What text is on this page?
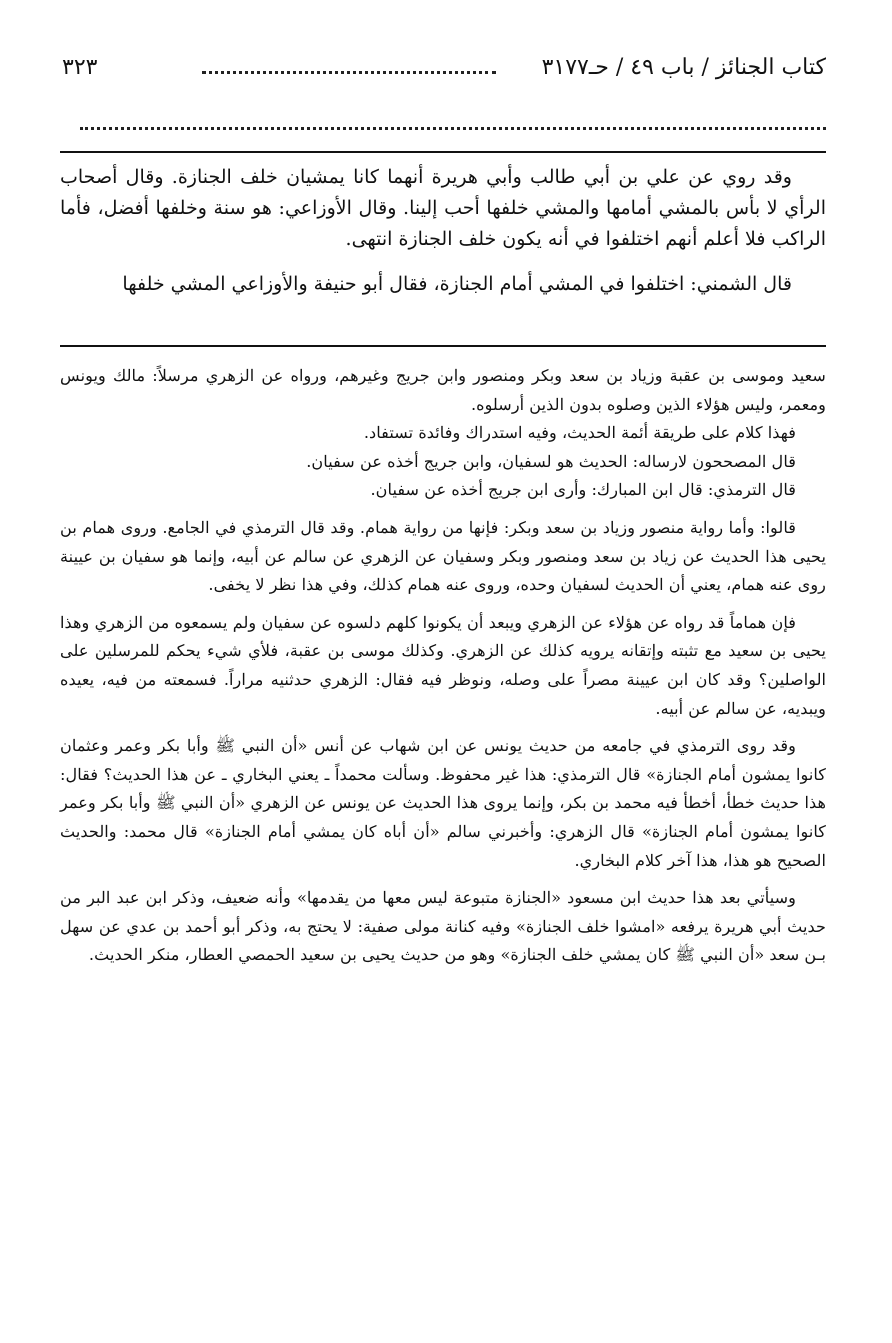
كتاب الجنائز / باب ٤٩ / حـ٣١٧٧
٣٢٣

وقد روي عن علي بن أبي طالب وأبي هريرة أنهما كانا يمشيان خلف الجنازة. وقال أصحاب الرأي لا بأس بالمشي أمامها والمشي خلفها أحب إلينا. وقال الأوزاعي: هو سنة وخلفها أفضل، فأما الراكب فلا أعلم أنهم اختلفوا في أنه يكون خلف الجنازة انتهى.

قال الشمني: اختلفوا في المشي أمام الجنازة، فقال أبو حنيفة والأوزاعي المشي خلفها

سعيد وموسى بن عقبة وزياد بن سعد وبكر ومنصور وابن جريج وغيرهم، ورواه عن الزهري مرسلاً: مالك ويونس ومعمر، وليس هؤلاء الذين وصلوه بدون الذين أرسلوه.

فهذا كلام على طريقة أئمة الحديث، وفيه استدراك وفائدة تستفاد.

قال المصححون لارساله: الحديث هو لسفيان، وابن جريج أخذه عن سفيان.

قال الترمذي: قال ابن المبارك: وأرى ابن جريج أخذه عن سفيان.

قالوا: وأما رواية منصور وزياد بن سعد وبكر: فإنها من رواية همام. وقد قال الترمذي في الجامع. وروى همام بن يحيى هذا الحديث عن زياد بن سعد ومنصور وبكر وسفيان عن الزهري عن سالم عن أبيه، وإنما هو سفيان بن عيينة روى عنه همام، يعني أن الحديث لسفيان وحده، وروى عنه همام كذلك، وفي هذا نظر لا يخفى.

فإن هماماً قد رواه عن هؤلاء عن الزهري ويبعد أن يكونوا كلهم دلسوه عن سفيان ولم يسمعوه من الزهري وهذا يحيى بن سعيد مع تثبته وإتقانه يرويه كذلك عن الزهري. وكذلك موسى بن عقبة، فلأي شيء يحكم للمرسلين على الواصلين؟ وقد كان ابن عيينة مصراً على وصله، ونوظر فيه فقال: الزهري حدثنيه مراراً. فسمعته من فيه، يعيده ويبديه، عن سالم عن أبيه.

وقد روى الترمذي في جامعه من حديث يونس عن ابن شهاب عن أنس «أن النبي ﷺ وأبا بكر وعمر وعثمان كانوا يمشون أمام الجنازة» قال الترمذي: هذا غير محفوظ. وسألت محمداً ـ يعني البخاري ـ عن هذا الحديث؟ فقال: هذا حديث خطأ، أخطأ فيه محمد بن بكر، وإنما يروى هذا الحديث عن يونس عن الزهري «أن النبي ﷺ وأبا بكر وعمر كانوا يمشون أمام الجنازة» قال الزهري: وأخبرني سالم «أن أباه كان يمشي أمام الجنازة» قال محمد: والحديث الصحيح هو هذا، هذا آخر كلام البخاري.

وسيأتي بعد هذا حديث ابن مسعود «الجنازة متبوعة ليس معها من يقدمها» وأنه ضعيف، وذكر ابن عبد البر من حديث أبي هريرة يرفعه «امشوا خلف الجنازة» وفيه كنانة مولى صفية: لا يحتج به، وذكر أبو أحمد بن عدي عن سهل بـن سعد «أن النبي ﷺ كان يمشي خلف الجنازة» وهو من حديث يحيى بن سعيد الحمصي العطار، منكر الحديث.
